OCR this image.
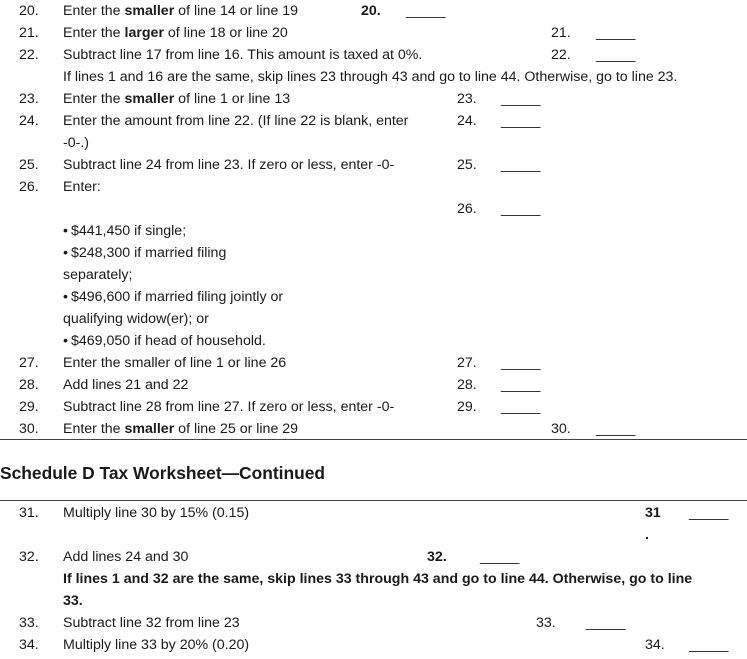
20.	Enter the smaller of line 14 or line 19	20. _____
21.	Enter the larger of line 18 or line 20	21. _____
22.	Subtract line 17 from line 16. This amount is taxed at 0%.	22. _____
If lines 1 and 16 are the same, skip lines 23 through 43 and go to line 44. Otherwise, go to line 23.
23.	Enter the smaller of line 1 or line 13	23. _____
24.	Enter the amount from line 22. (If line 22 is blank, enter	24. _____
-0-.)
25.	Subtract line 24 from line 23. If zero or less, enter -0-	25. _____
26.	Enter:
26. _____
• $441,450 if single;
• $248,300 if married filing
separately;
• $496,600 if married filing jointly or
qualifying widow(er); or
• $469,050 if head of household.
27.	Enter the smaller of line 1 or line 26	27. _____
28.	Add lines 21 and 22	28. _____
29.	Subtract line 28 from line 27. If zero or less, enter -0-	29. _____
30.	Enter the smaller of line 25 or line 29	30. _____
Schedule D Tax Worksheet—Continued
31.	Multiply line 30 by 15% (0.15)	31 _____
.
32.	Add lines 24 and 30	32. _____
If lines 1 and 32 are the same, skip lines 33 through 43 and go to line 44. Otherwise, go to line
33.
33.	Subtract line 32 from line 23	33. _____
34.	Multiply line 33 by 20% (0.20)	34. _____
